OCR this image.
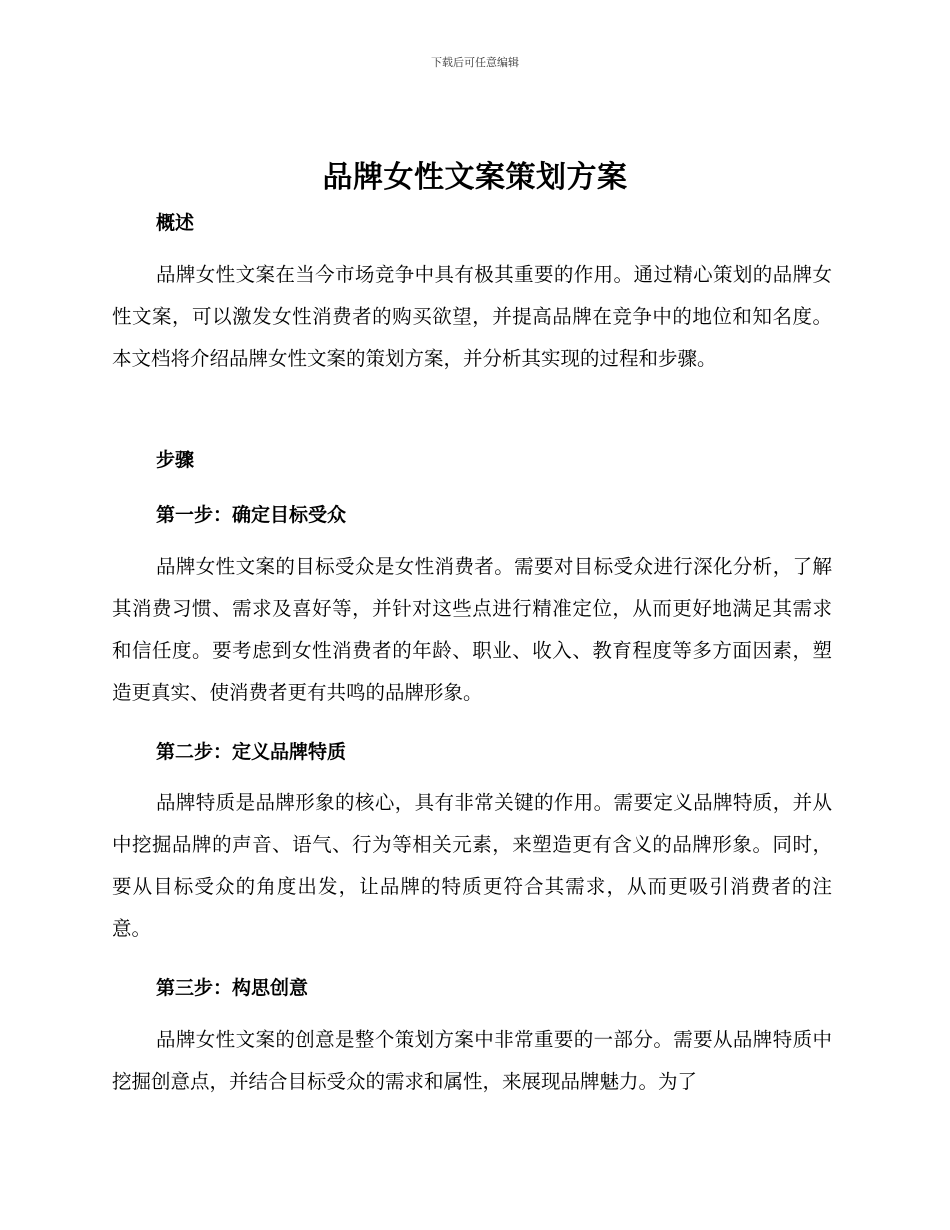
下载后可任意编辑
品牌女性文案策划方案
概述
品牌女性文案在当今市场竞争中具有极其重要的作用。通过精心策划的品牌女性文案，可以激发女性消费者的购买欲望，并提高品牌在竞争中的地位和知名度。本文档将介绍品牌女性文案的策划方案，并分析其实现的过程和步骤。
步骤
第一步：确定目标受众
品牌女性文案的目标受众是女性消费者。需要对目标受众进行深化分析，了解其消费习惯、需求及喜好等，并针对这些点进行精准定位，从而更好地满足其需求和信任度。要考虑到女性消费者的年龄、职业、收入、教育程度等多方面因素，塑造更真实、使消费者更有共鸣的品牌形象。
第二步：定义品牌特质
品牌特质是品牌形象的核心，具有非常关键的作用。需要定义品牌特质，并从中挖掘品牌的声音、语气、行为等相关元素，来塑造更有含义的品牌形象。同时，要从目标受众的角度出发，让品牌的特质更符合其需求，从而更吸引消费者的注意。
第三步：构思创意
品牌女性文案的创意是整个策划方案中非常重要的一部分。需要从品牌特质中挖掘创意点，并结合目标受众的需求和属性，来展现品牌魅力。为了
